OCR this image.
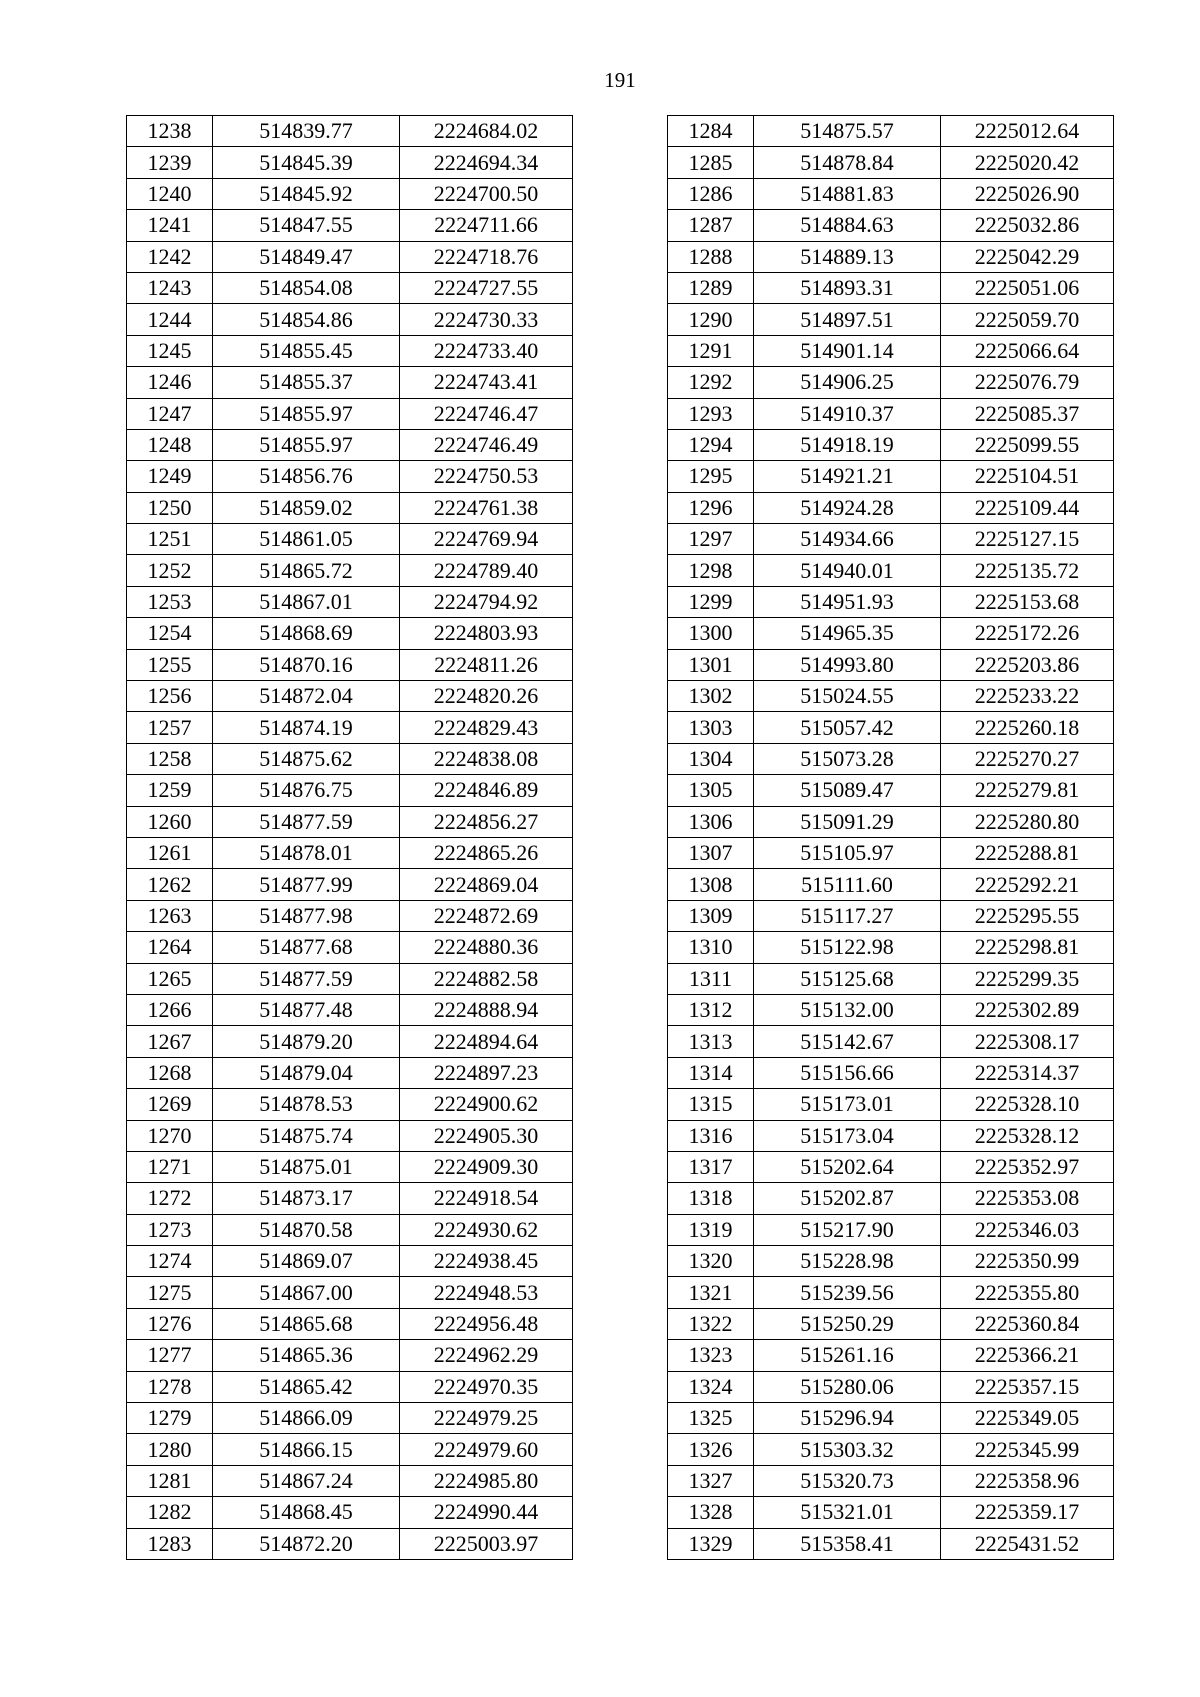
191
1238	514839.77	2224684.02
1239	514845.39	2224694.34
1240	514845.92	2224700.50
1241	514847.55	2224711.66
1242	514849.47	2224718.76
1243	514854.08	2224727.55
1244	514854.86	2224730.33
1245	514855.45	2224733.40
1246	514855.37	2224743.41
1247	514855.97	2224746.47
1248	514855.97	2224746.49
1249	514856.76	2224750.53
1250	514859.02	2224761.38
1251	514861.05	2224769.94
1252	514865.72	2224789.40
1253	514867.01	2224794.92
1254	514868.69	2224803.93
1255	514870.16	2224811.26
1256	514872.04	2224820.26
1257	514874.19	2224829.43
1258	514875.62	2224838.08
1259	514876.75	2224846.89
1260	514877.59	2224856.27
1261	514878.01	2224865.26
1262	514877.99	2224869.04
1263	514877.98	2224872.69
1264	514877.68	2224880.36
1265	514877.59	2224882.58
1266	514877.48	2224888.94
1267	514879.20	2224894.64
1268	514879.04	2224897.23
1269	514878.53	2224900.62
1270	514875.74	2224905.30
1271	514875.01	2224909.30
1272	514873.17	2224918.54
1273	514870.58	2224930.62
1274	514869.07	2224938.45
1275	514867.00	2224948.53
1276	514865.68	2224956.48
1277	514865.36	2224962.29
1278	514865.42	2224970.35
1279	514866.09	2224979.25
1280	514866.15	2224979.60
1281	514867.24	2224985.80
1282	514868.45	2224990.44
1283	514872.20	2225003.97
1284	514875.57	2225012.64
1285	514878.84	2225020.42
1286	514881.83	2225026.90
1287	514884.63	2225032.86
1288	514889.13	2225042.29
1289	514893.31	2225051.06
1290	514897.51	2225059.70
1291	514901.14	2225066.64
1292	514906.25	2225076.79
1293	514910.37	2225085.37
1294	514918.19	2225099.55
1295	514921.21	2225104.51
1296	514924.28	2225109.44
1297	514934.66	2225127.15
1298	514940.01	2225135.72
1299	514951.93	2225153.68
1300	514965.35	2225172.26
1301	514993.80	2225203.86
1302	515024.55	2225233.22
1303	515057.42	2225260.18
1304	515073.28	2225270.27
1305	515089.47	2225279.81
1306	515091.29	2225280.80
1307	515105.97	2225288.81
1308	515111.60	2225292.21
1309	515117.27	2225295.55
1310	515122.98	2225298.81
1311	515125.68	2225299.35
1312	515132.00	2225302.89
1313	515142.67	2225308.17
1314	515156.66	2225314.37
1315	515173.01	2225328.10
1316	515173.04	2225328.12
1317	515202.64	2225352.97
1318	515202.87	2225353.08
1319	515217.90	2225346.03
1320	515228.98	2225350.99
1321	515239.56	2225355.80
1322	515250.29	2225360.84
1323	515261.16	2225366.21
1324	515280.06	2225357.15
1325	515296.94	2225349.05
1326	515303.32	2225345.99
1327	515320.73	2225358.96
1328	515321.01	2225359.17
1329	515358.41	2225431.52
